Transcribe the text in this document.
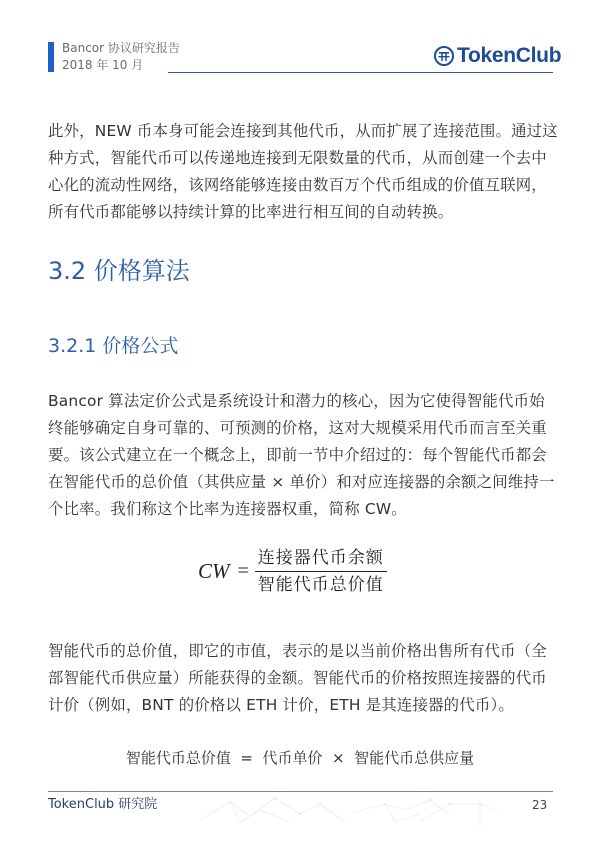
Bancor 协议研究报告
2018 年 10 月	TokenClub

此外，NEW 币本身可能会连接到其他代币，从而扩展了连接范围。通过这种方式，智能代币可以传递地连接到无限数量的代币，从而创建一个去中心化的流动性网络，该网络能够连接由数百万个代币组成的价值互联网，所有代币都能够以持续计算的比率进行相互间的自动转换。

3.2 价格算法
3.2.1 价格公式

Bancor 算法定价公式是系统设计和潜力的核心，因为它使得智能代币始终能够确定自身可靠的、可预测的价格，这对大规模采用代币而言至关重要。该公式建立在一个概念上，即前一节中介绍过的：每个智能代币都会在智能代币的总价值（其供应量 × 单价）和对应连接器的余额之间维持一个比率。我们称这个比率为连接器权重，简称 CW。

CW = $\frac{\text{连接器代币余额}}{\text{智能代币总价值}}$

智能代币的总价值，即它的市值，表示的是以当前价格出售所有代币（全部智能代币供应量）所能获得的金额。智能代币的价格按照连接器的代币计价（例如，BNT 的价格以 ETH 计价，ETH 是其连接器的代币）。

智能代币总价值  =  代币单价  ×  智能代币总供应量
TokenClub 研究院	23
